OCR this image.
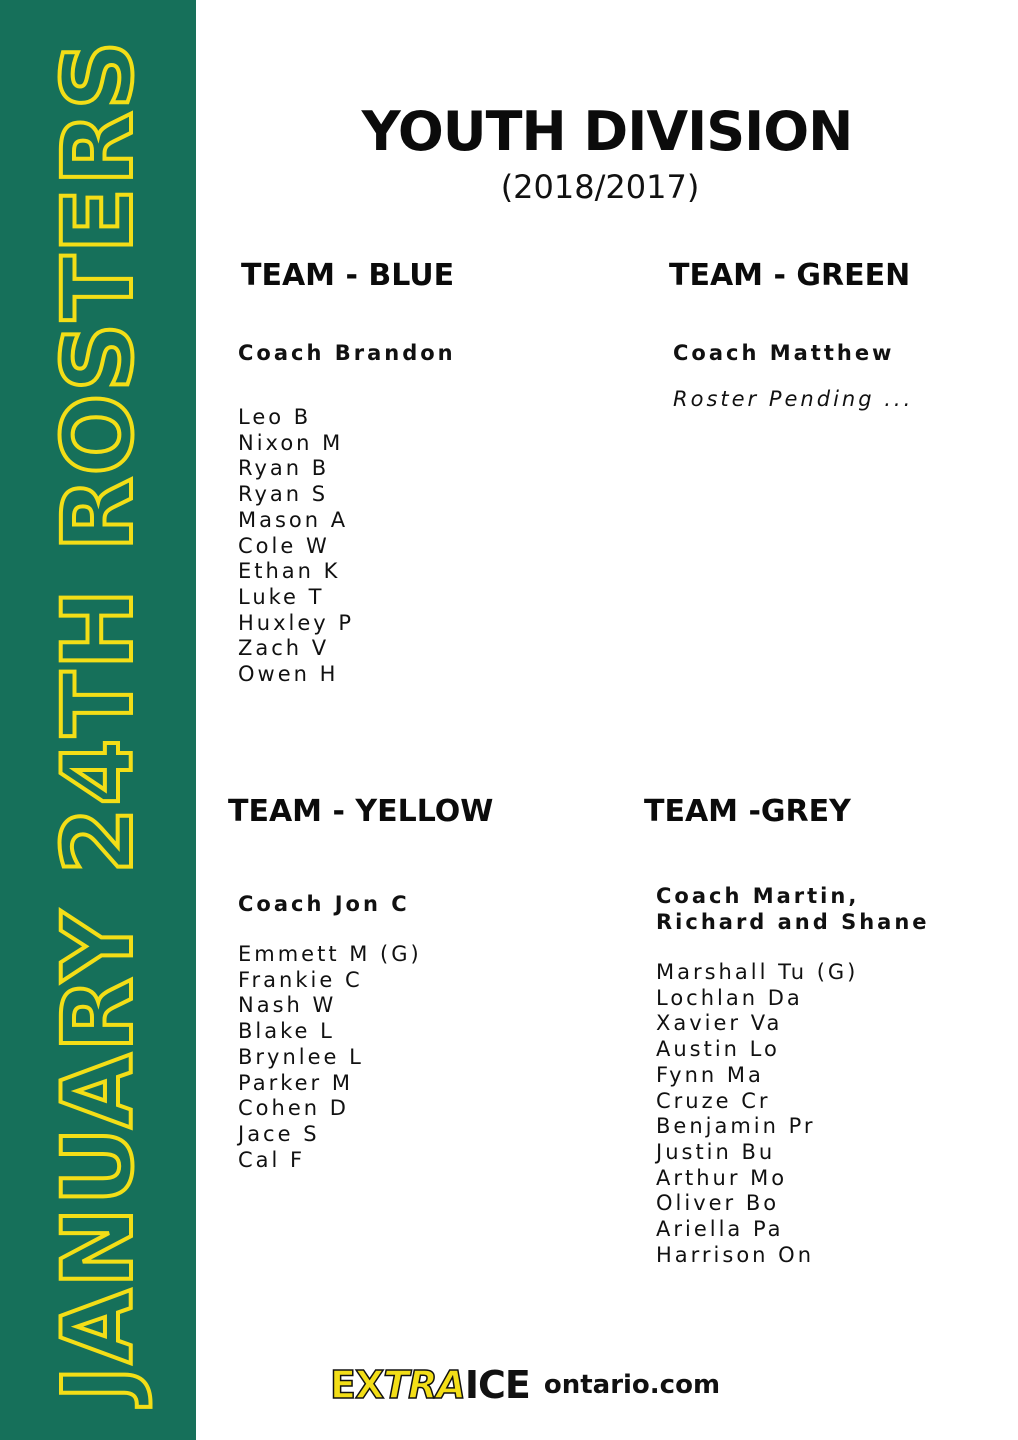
JANUARY 24TH ROSTERS	YOUTH DIVISION
(2018/2017)
TEAM - BLUE
Coach Brandon
Leo B
Nixon M
Ryan B
Ryan S
Mason A
Cole W
Ethan K
Luke T
Huxley P
Zach V
Owen H
TEAM - GREEN
Coach Matthew
Roster Pending ...
TEAM - YELLOW
Coach Jon C
Emmett M (G)
Frankie C
Nash W
Blake L
Brynlee L
Parker M
Cohen D
Jace S
Cal F
TEAM -GREY
Coach Martin,
Richard and Shane
Marshall Tu (G)
Lochlan Da
Xavier Va
Austin Lo
Fynn Ma
Cruze Cr
Benjamin Pr
Justin Bu
Arthur Mo
Oliver Bo
Ariella Pa
Harrison On
EXTRA ICE ontario.com
